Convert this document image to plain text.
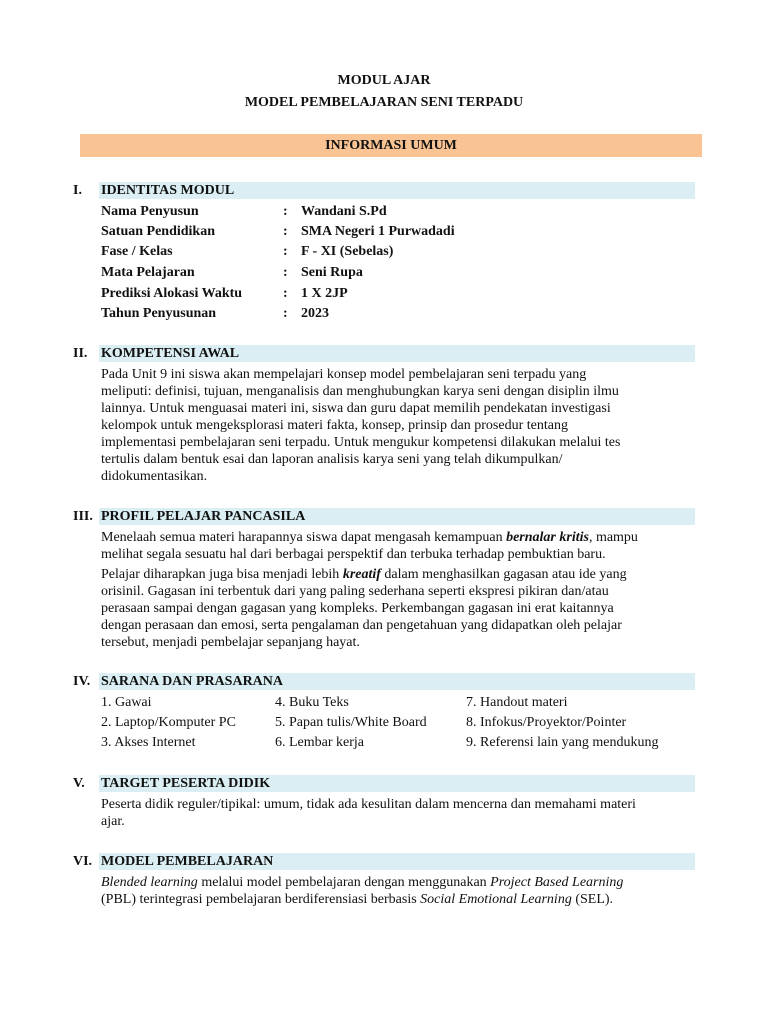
MODUL AJAR
MODEL PEMBELAJARAN SENI TERPADU
INFORMASI UMUM
I. IDENTITAS MODUL
Nama Penyusun	: Wandani S.Pd
Satuan Pendidikan	: SMA Negeri 1 Purwadadi
Fase / Kelas	: F - XI (Sebelas)
Mata Pelajaran	: Seni Rupa
Prediksi Alokasi Waktu	: 1 X 2JP
Tahun Penyusunan	: 2023
II. KOMPETENSI AWAL
Pada Unit 9 ini siswa akan mempelajari konsep model pembelajaran seni terpadu yang
meliputi: definisi, tujuan, menganalisis dan menghubungkan karya seni dengan disiplin ilmu
lainnya. Untuk menguasai materi ini, siswa dan guru dapat memilih pendekatan investigasi
kelompok untuk mengeksplorasi materi fakta, konsep, prinsip dan prosedur tentang
implementasi pembelajaran seni terpadu. Untuk mengukur kompetensi dilakukan melalui tes
tertulis dalam bentuk esai dan laporan analisis karya seni yang telah dikumpulkan/
didokumentasikan.
III. PROFIL PELAJAR PANCASILA
Menelaah semua materi harapannya siswa dapat mengasah kemampuan bernalar kritis, mampu
melihat segala sesuatu hal dari berbagai perspektif dan terbuka terhadap pembuktian baru.
Pelajar diharapkan juga bisa menjadi lebih kreatif dalam menghasilkan gagasan atau ide yang
orisinil. Gagasan ini terbentuk dari yang paling sederhana seperti ekspresi pikiran dan/atau
perasaan sampai dengan gagasan yang kompleks. Perkembangan gagasan ini erat kaitannya
dengan perasaan dan emosi, serta pengalaman dan pengetahuan yang didapatkan oleh pelajar
tersebut, menjadi pembelajar sepanjang hayat.
IV. SARANA DAN PRASARANA
1. Gawai	4. Buku Teks	7. Handout materi
2. Laptop/Komputer PC	5. Papan tulis/White Board	8. Infokus/Proyektor/Pointer
3. Akses Internet	6. Lembar kerja	9. Referensi lain yang mendukung
V. TARGET PESERTA DIDIK
Peserta didik reguler/tipikal: umum, tidak ada kesulitan dalam mencerna dan memahami materi
ajar.
VI. MODEL PEMBELAJARAN
Blended learning melalui model pembelajaran dengan menggunakan Project Based Learning
(PBL) terintegrasi pembelajaran berdiferensiasi berbasis Social Emotional Learning (SEL).
